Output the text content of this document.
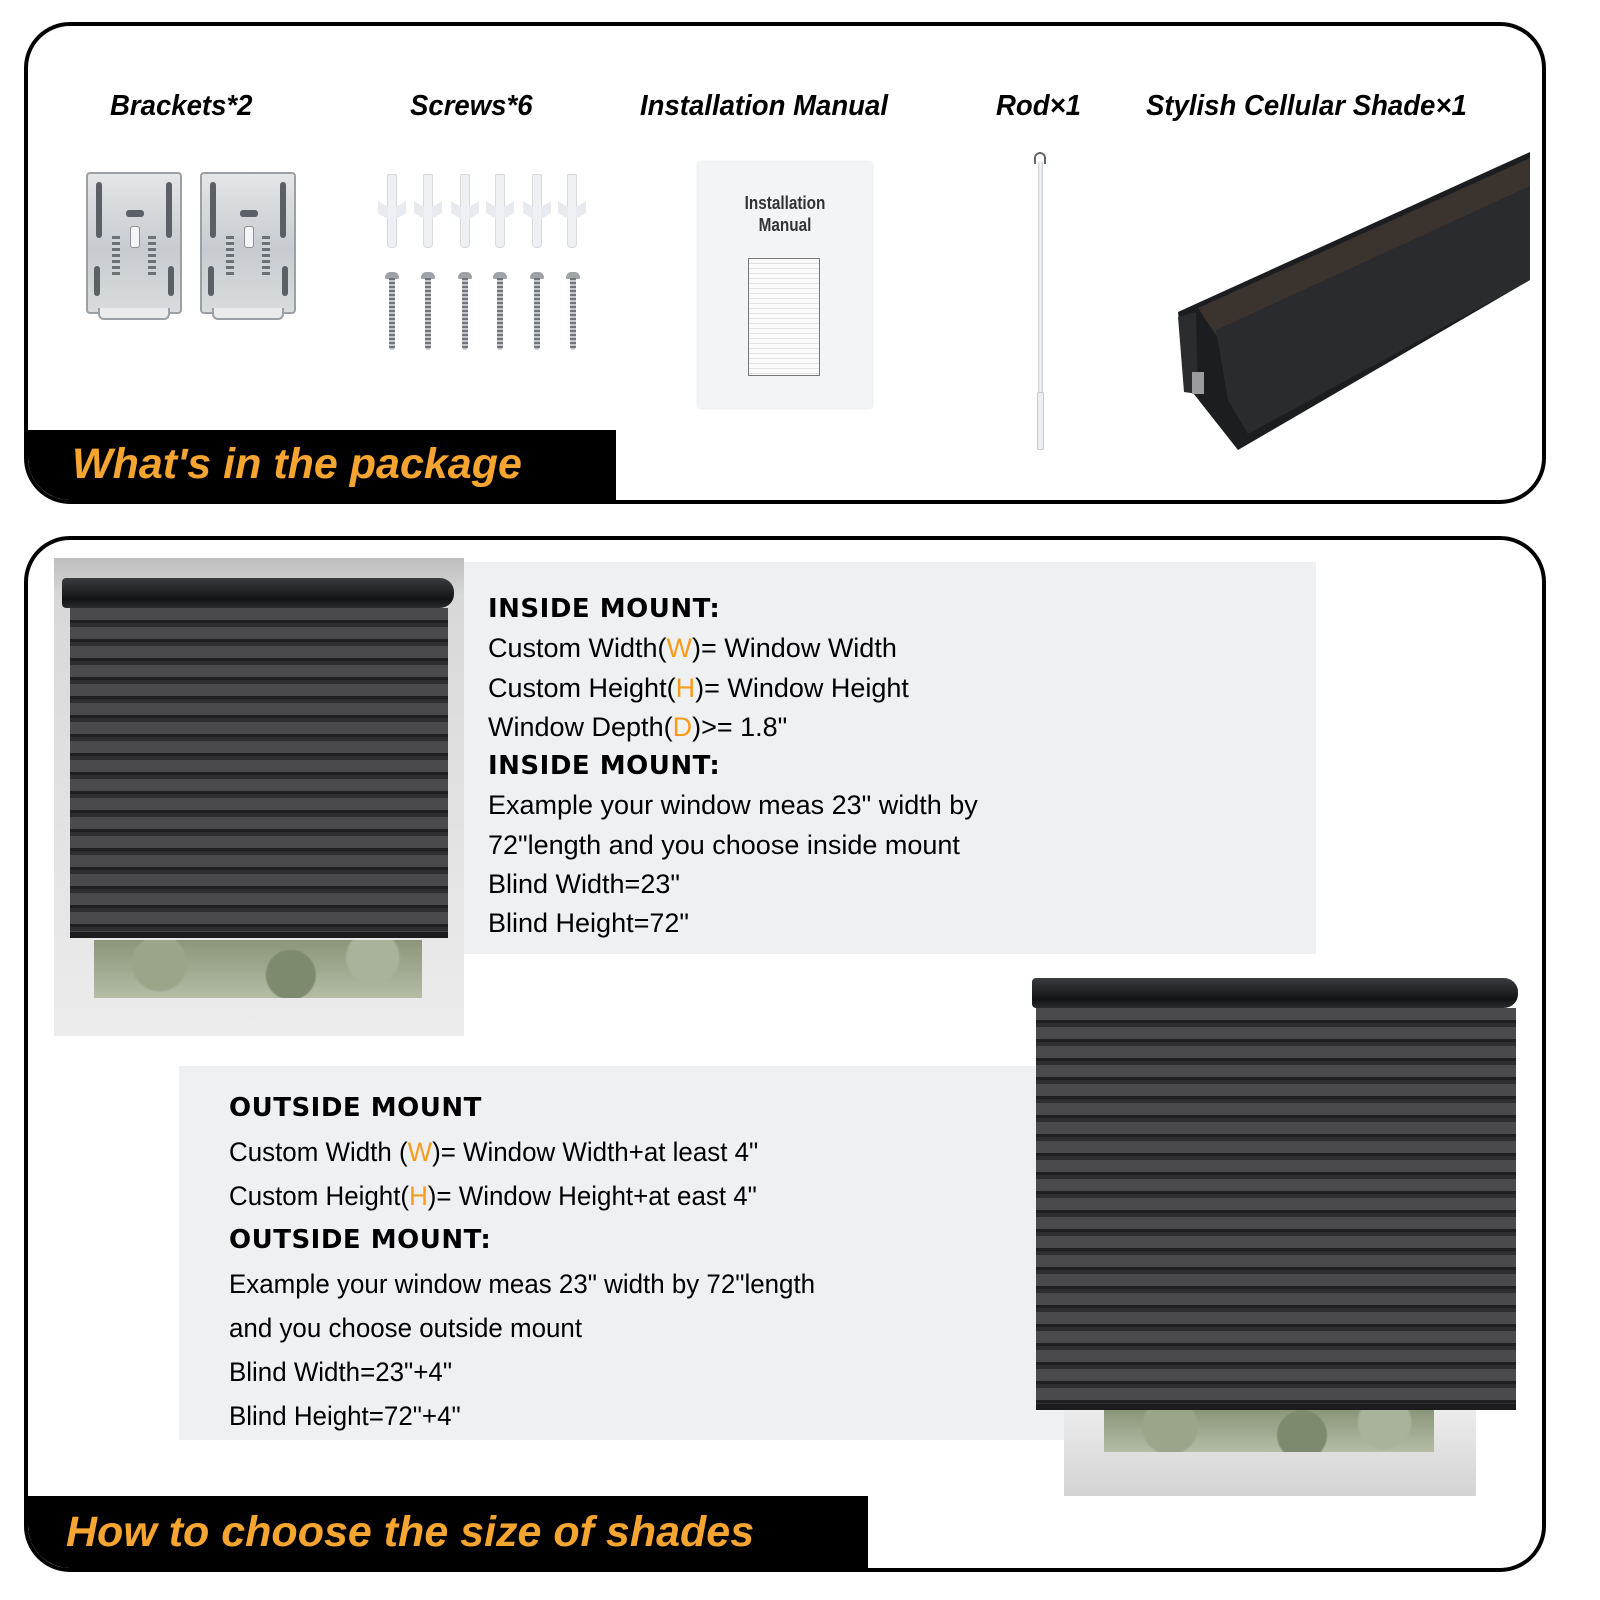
Brackets*2	Screws*6	Installation Manual	Rod×1 Stylish Cellular Shade×1
Installation
Manual
What's in the package
INSIDE MOUNT:
Custom Width(W)= Window Width
Custom Height(H)= Window Height
Window Depth(D)>= 1.8"
INSIDE MOUNT:
Example your window meas 23" width by
72"length and you choose inside mount
Blind Width=23"
Blind Height=72"
OUTSIDE MOUNT
Custom Width (W)= Window Width+at least 4"
Custom Height(H)= Window Height+at east 4"
OUTSIDE MOUNT:
Example your window meas 23" width by 72"length
and you choose outside mount
Blind Width=23"+4"
Blind Height=72"+4"
How to choose the size of shades
